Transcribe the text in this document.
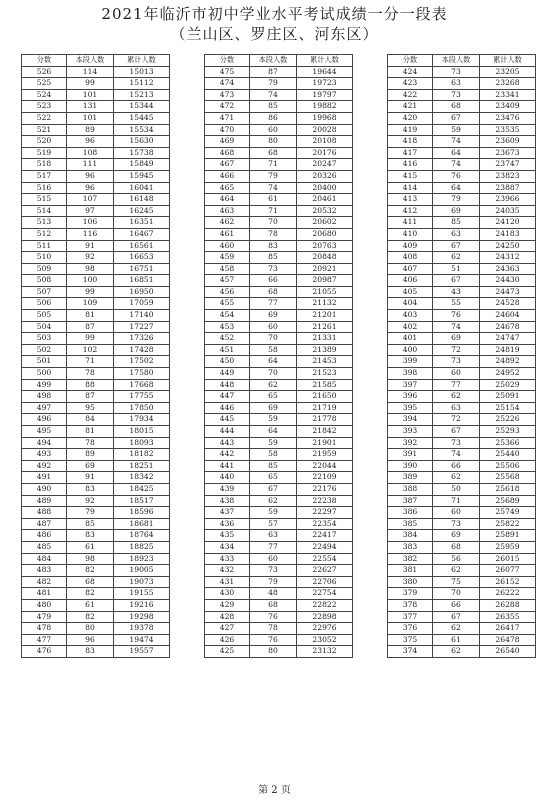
2021年临沂市初中学业水平考试成绩一分一段表
（兰山区、罗庄区、河东区）
分数	本段人数	累计人数
526	114	15013
525	99	15112
524	101	15213
523	131	15344
522	101	15445
521	89	15534
520	96	15630
519	108	15738
518	111	15849
517	96	15945
516	96	16041
515	107	16148
514	97	16245
513	106	16351
512	116	16467
511	91	16561
510	92	16653
509	98	16751
508	100	16851
507	99	16950
506	109	17059
505	81	17140
504	87	17227
503	99	17326
502	102	17428
501	71	17502
500	78	17580
499	88	17668
498	87	17755
497	95	17850
496	84	17934
495	81	18015
494	78	18093
493	89	18182
492	69	18251
491	91	18342
490	83	18425
489	92	18517
488	79	18596
487	85	18681
486	83	18764
485	61	18825
484	98	18923
483	82	19005
482	68	19073
481	82	19155
480	61	19216
479	82	19298
478	80	19378
477	96	19474
476	83	19557
分数	本段人数	累计人数
475	87	19644
474	79	19723
473	74	19797
472	85	19882
471	86	19968
470	60	20028
469	80	20108
468	68	20176
467	71	20247
466	79	20326
465	74	20400
464	61	20461
463	71	20532
462	70	20602
461	78	20680
460	83	20763
459	85	20848
458	73	20921
457	66	20987
456	68	21055
455	77	21132
454	69	21201
453	60	21261
452	70	21331
451	58	21389
450	64	21453
449	70	21523
448	62	21585
447	65	21650
446	69	21719
445	59	21778
444	64	21842
443	59	21901
442	58	21959
441	85	22044
440	65	22109
439	67	22176
438	62	22238
437	59	22297
436	57	22354
435	63	22417
434	77	22494
433	60	22554
432	73	22627
431	79	22706
430	48	22754
429	68	22822
428	76	22898
427	78	22976
426	76	23052
425	80	23132
分数	本段人数	累计人数
424	73	23205
423	63	23268
422	73	23341
421	68	23409
420	67	23476
419	59	23535
418	74	23609
417	64	23673
416	74	23747
415	76	23823
414	64	23887
413	79	23966
412	69	24035
411	85	24120
410	63	24183
409	67	24250
408	62	24312
407	51	24363
406	67	24430
405	43	24473
404	55	24528
403	76	24604
402	74	24678
401	69	24747
400	72	24819
399	73	24892
398	60	24952
397	77	25029
396	62	25091
395	63	25154
394	72	25226
393	67	25293
392	73	25366
391	74	25440
390	66	25506
389	62	25568
388	50	25618
387	71	25689
386	60	25749
385	73	25822
384	69	25891
383	68	25959
382	56	26015
381	62	26077
380	75	26152
379	70	26222
378	66	26288
377	67	26355
376	62	26417
375	61	26478
374	62	26540
第 2 页
